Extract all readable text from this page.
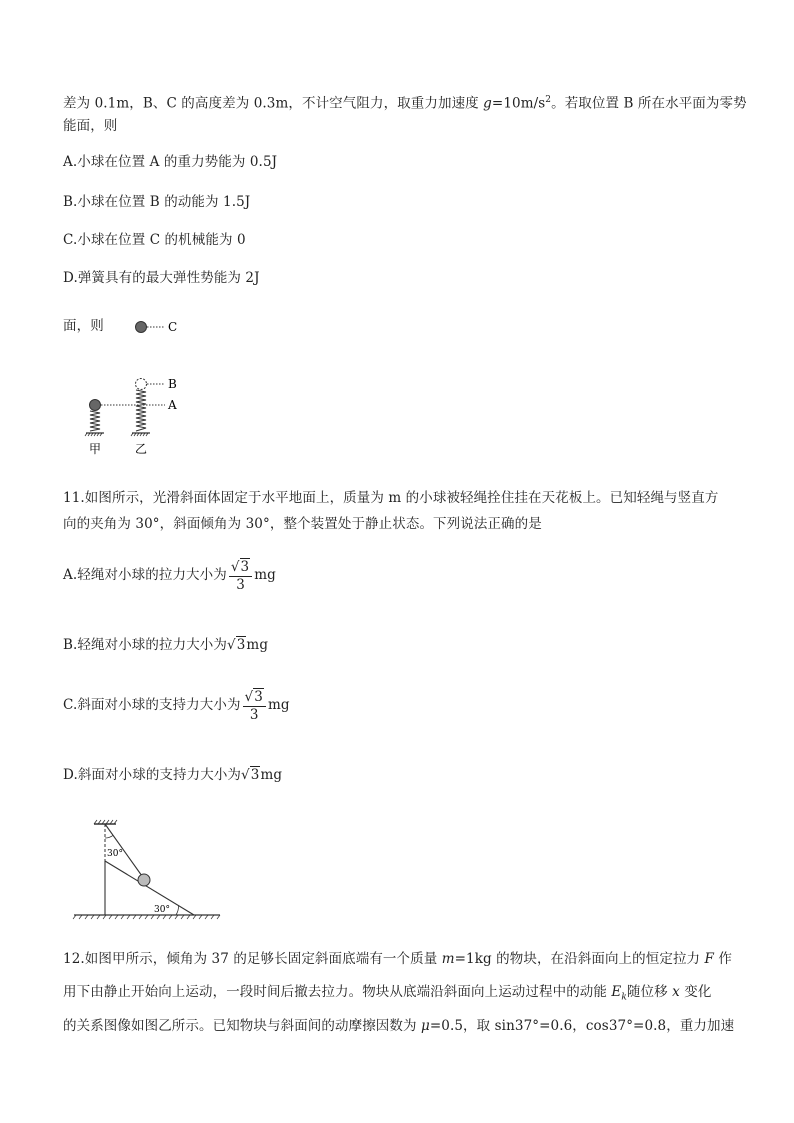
差为 0.1m，B、C 的高度差为 0.3m，不计空气阻力，取重力加速度 $g=10m/s^2$。若取位置 B 所在水平面为零势
能面，则
A.小球在位置 A 的重力势能为 0.5J
B.小球在位置 B 的动能为 1.5J
C.小球在位置 C 的机械能为 0
D.弹簧具有的最大弹性势能为 2J
面，则	C
B
A
甲	乙
11.如图所示，光滑斜面体固定于水平地面上，质量为 m 的小球被轻绳拴住挂在天花板上。已知轻绳与竖直方
向的夹角为 30°，斜面倾角为 30°，整个装置处于静止状态。下列说法正确的是
A.轻绳对小球的拉力大小为 $\frac{√3}{3}$ mg
B.轻绳对小球的拉力大小为√3mg
C.斜面对小球的支持力大小为 $\frac{√3}{3}$ mg
D.斜面对小球的支持力大小为√3mg
30°
30°
12.如图甲所示，倾角为 37 的足够长固定斜面底端有一个质量 m=1kg 的物块，在沿斜面向上的恒定拉力 F 作
用下由静止开始向上运动，一段时间后撤去拉力。物块从底端沿斜面向上运动过程中的动能 $E_k$随位移 x 变化
的关系图像如图乙所示。已知物块与斜面间的动摩擦因数为 μ=0.5，取 sin37°=0.6，cos37°=0.8，重力加速
